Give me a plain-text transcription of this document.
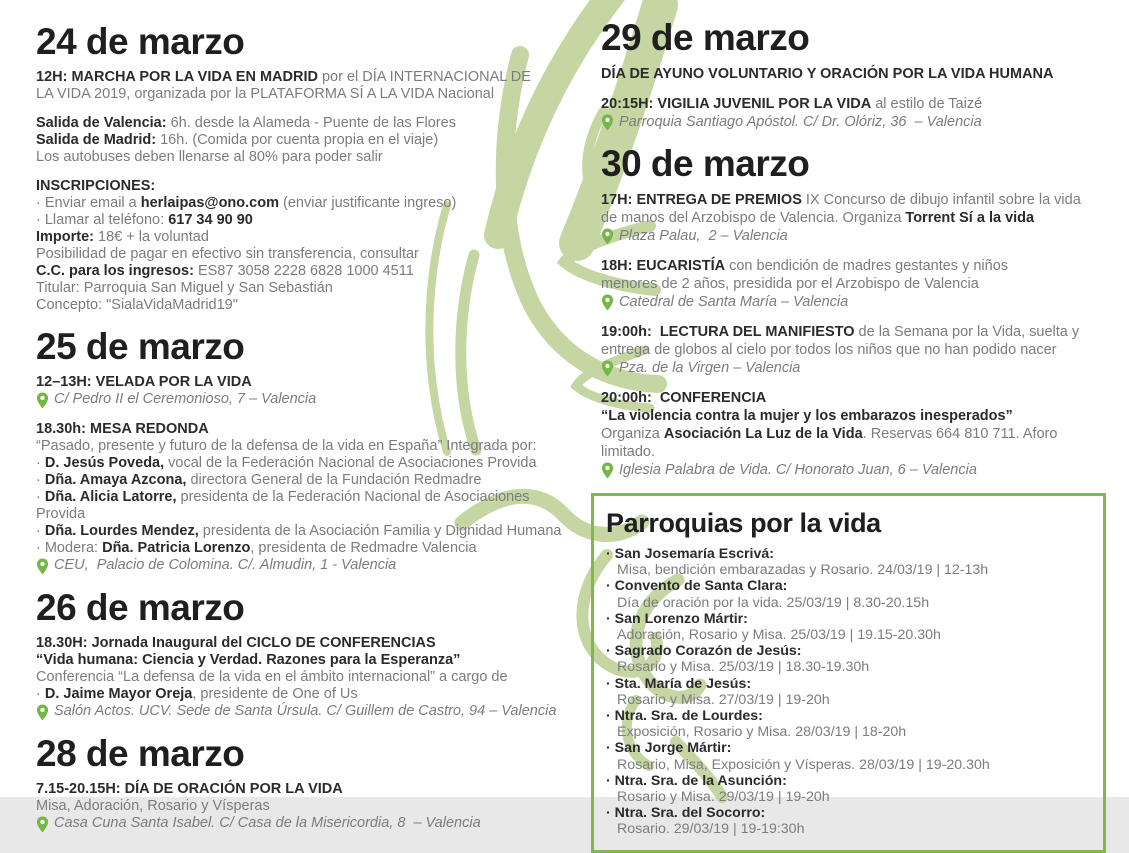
24 de marzo
12H: MARCHA POR LA VIDA EN MADRID por el DÍA INTERNACIONAL DE
LA VIDA 2019, organizada por la PLATAFORMA SÍ A LA VIDA Nacional
Salida de Valencia: 6h. desde la Alameda - Puente de las Flores
Salida de Madrid: 16h. (Comida por cuenta propia en el viaje)
Los autobuses deben llenarse al 80% para poder salir
INSCRIPCIONES:
· Enviar email a herlaipas@ono.com (enviar justificante ingreso)
· Llamar al teléfono: 617 34 90 90
Importe: 18€ + la voluntad
Posibilidad de pagar en efectivo sin transferencia, consultar
C.C. para los ingresos: ES87 3058 2228 6828 1000 4511
Titular: Parroquia San Miguel y San Sebastián
Concepto: "SialaVidaMadrid19"
25 de marzo
12–13H: VELADA POR LA VIDA
C/ Pedro II el Ceremonioso, 7 – Valencia
18.30h: MESA REDONDA
“Pasado, presente y futuro de la defensa de la vida en España” Integrada por:
· D. Jesús Poveda, vocal de la Federación Nacional de Asociaciones Provida
· Dña. Amaya Azcona, directora General de la Fundación Redmadre
· Dña. Alicia Latorre, presidenta de la Federación Nacional de Asociaciones Provida
· Dña. Lourdes Mendez, presidenta de la Asociación Familia y Dignidad Humana
· Modera: Dña. Patricia Lorenzo, presidenta de Redmadre Valencia
CEU,  Palacio de Colomina. C/. Almudin, 1 - Valencia
26 de marzo
18.30H: Jornada Inaugural del CICLO DE CONFERENCIAS
“Vida humana: Ciencia y Verdad. Razones para la Esperanza”
Conferencia “La defensa de la vida en el ámbito internacional” a cargo de
· D. Jaime Mayor Oreja, presidente de One of Us
Salón Actos. UCV. Sede de Santa Úrsula. C/ Guillem de Castro, 94 – Valencia
28 de marzo
7.15-20.15H: DÍA DE ORACIÓN POR LA VIDA
Misa, Adoración, Rosario y Vísperas
Casa Cuna Santa Isabel. C/ Casa de la Misericordia, 8  – Valencia
29 de marzo
DÍA DE AYUNO VOLUNTARIO Y ORACIÓN POR LA VIDA HUMANA
20:15H: VIGILIA JUVENIL POR LA VIDA al estilo de Taizé
Parroquia Santiago Apóstol. C/ Dr. Olóriz, 36  – Valencia
30 de marzo
17H: ENTREGA DE PREMIOS IX Concurso de dibujo infantil sobre la vida
de manos del Arzobispo de Valencia. Organiza Torrent Sí a la vida
Plaza Palau,  2 – Valencia
18H: EUCARISTÍA con bendición de madres gestantes y niños
menores de 2 años, presidida por el Arzobispo de Valencia
Catedral de Santa María – Valencia
19:00h:  LECTURA DEL MANIFIESTO de la Semana por la Vida, suelta y
entrega de globos al cielo por todos los niños que no han podido nacer
Pza. de la Virgen – Valencia
20:00h:  CONFERENCIA
“La violencia contra la mujer y los embarazos inesperados”
Organiza Asociación La Luz de la Vida. Reservas 664 810 711. Aforo limitado.
Iglesia Palabra de Vida. C/ Honorato Juan, 6 – Valencia
Parroquias por la vida
· San Josemaría Escrivá:
Misa, bendición embarazadas y Rosario. 24/03/19 | 12-13h
· Convento de Santa Clara:
Día de oración por la vida. 25/03/19 | 8.30-20.15h
· San Lorenzo Mártir:
Adoración, Rosario y Misa. 25/03/19 | 19.15-20.30h
· Sagrado Corazón de Jesús:
Rosario y Misa. 25/03/19 | 18.30-19.30h
· Sta. María de Jesús:
Rosario y Misa. 27/03/19 | 19-20h
· Ntra. Sra. de Lourdes:
Exposición, Rosario y Misa. 28/03/19 | 18-20h
· San Jorge Mártir:
Rosario, Misa, Exposición y Vísperas. 28/03/19 | 19-20.30h
· Ntra. Sra. de la Asunción:
Rosario y Misa. 29/03/19 | 19-20h
· Ntra. Sra. del Socorro:
Rosario. 29/03/19 | 19-19:30h
